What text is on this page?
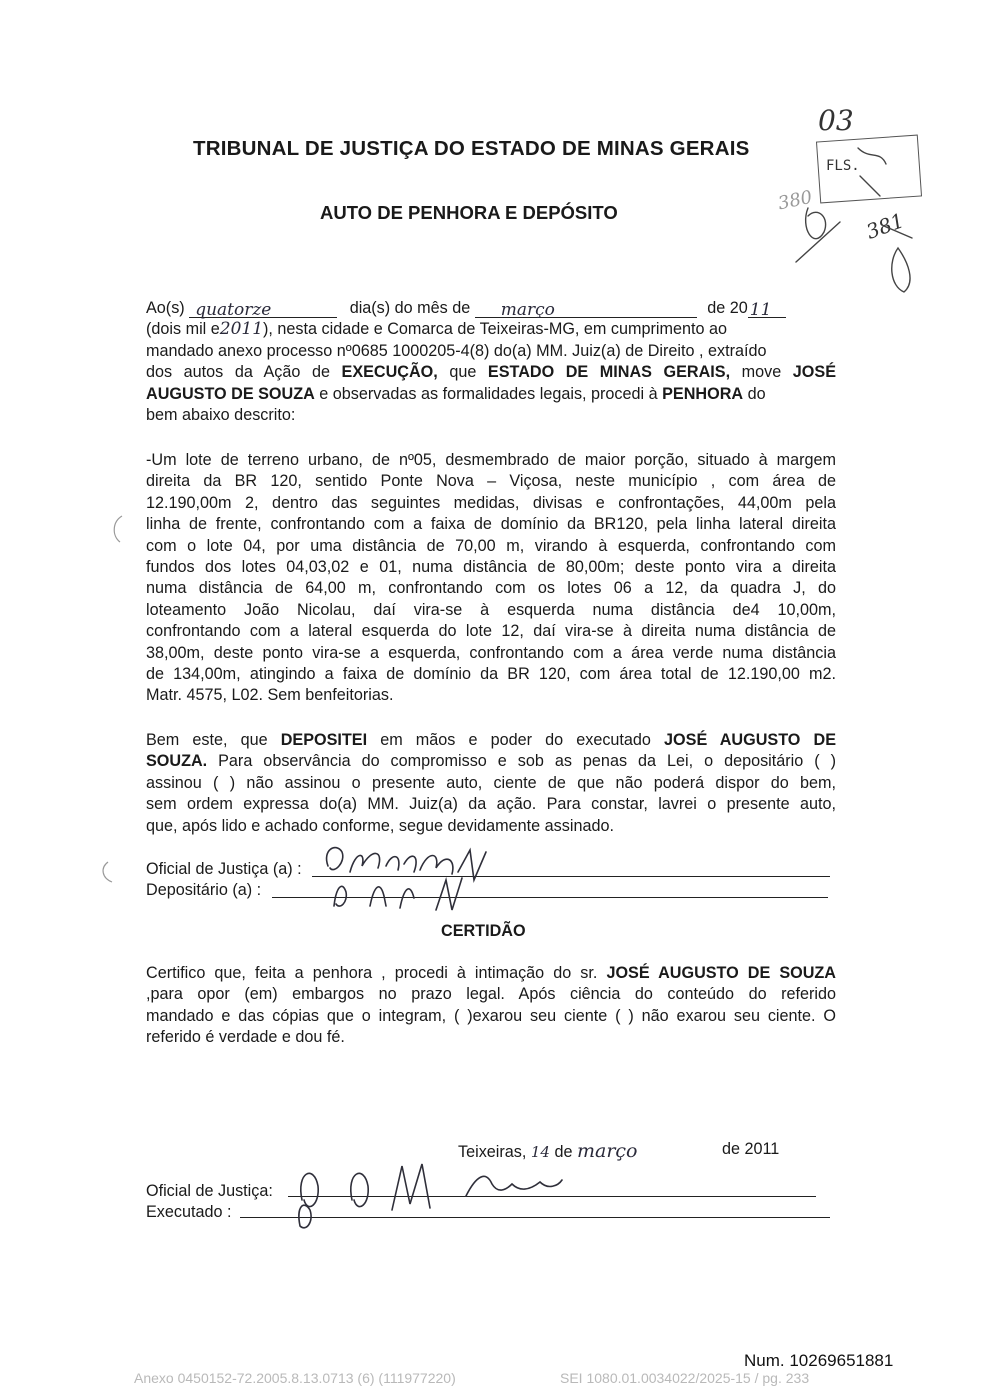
TRIBUNAL DE JUSTIÇA DO ESTADO DE MINAS GERAIS
AUTO DE PENHORA E DEPÓSITO
FLS.
03
380
381
Ao(s) quatorze	dia(s) do mês de março	de 20 11
(dois mil e2011), nesta cidade e Comarca de Teixeiras-MG, em cumprimento ao
mandado anexo processo nº0685 1000205-4(8) do(a) MM. Juiz(a) de Direito , extraído
dos autos da Ação de EXECUÇÃO, que ESTADO DE MINAS GERAIS, move JOSÉ
AUGUSTO DE SOUZA e observadas as formalidades legais, procedi à PENHORA do
bem abaixo descrito:
-Um lote de terreno urbano, de nº05, desmembrado de maior porção, situado à margem
direita da BR 120, sentido Ponte Nova – Viçosa, neste município , com área de
12.190,00m 2, dentro das seguintes medidas, divisas e confrontações, 44,00m pela
linha de frente, confrontando com a faixa de domínio da BR120, pela linha lateral direita
com o lote 04, por uma distância de 70,00 m, virando à esquerda, confrontando com
fundos dos lotes 04,03,02 e 01, numa distância de 80,00m; deste ponto vira a direita
numa distância de 64,00 m, confrontando com os lotes 06 a 12, da quadra J, do
loteamento João Nicolau, daí vira-se à esquerda numa distância de4 10,00m,
confrontando com a lateral esquerda do lote 12, daí vira-se à direita numa distância de
38,00m, deste ponto vira-se a esquerda, confrontando com a área verde numa distância
de 134,00m, atingindo a faixa de domínio da BR 120, com área total de 12.190,00 m2.
Matr. 4575, L02. Sem benfeitorias.
Bem este, que DEPOSITEI em mãos e poder do executado JOSÉ AUGUSTO DE
SOUZA. Para observância do compromisso e sob as penas da Lei, o depositário ( )
assinou ( ) não assinou o presente auto, ciente de que não poderá dispor do bem,
sem ordem expressa do(a) MM. Juiz(a) da ação. Para constar, lavrei o presente auto,
que, após lido e achado conforme, segue devidamente assinado.
Oficial de Justiça (a) :
Depositário (a) :
CERTIDÃO
Certifico que, feita a penhora , procedi à intimação do sr. JOSÉ AUGUSTO DE SOUZA
,para opor (em) embargos no prazo legal. Após ciência do conteúdo do referido
mandado e das cópias que o integram, ( )exarou seu ciente ( ) não exarou seu ciente. O
referido é verdade e dou fé.
Teixeiras, 14 de março	de 2011
Oficial de Justiça:
Executado :
Num. 10269651881
Anexo 0450152-72.2005.8.13.0713 (6) (111977220)	SEI 1080.01.0034022/2025-15 / pg. 233
